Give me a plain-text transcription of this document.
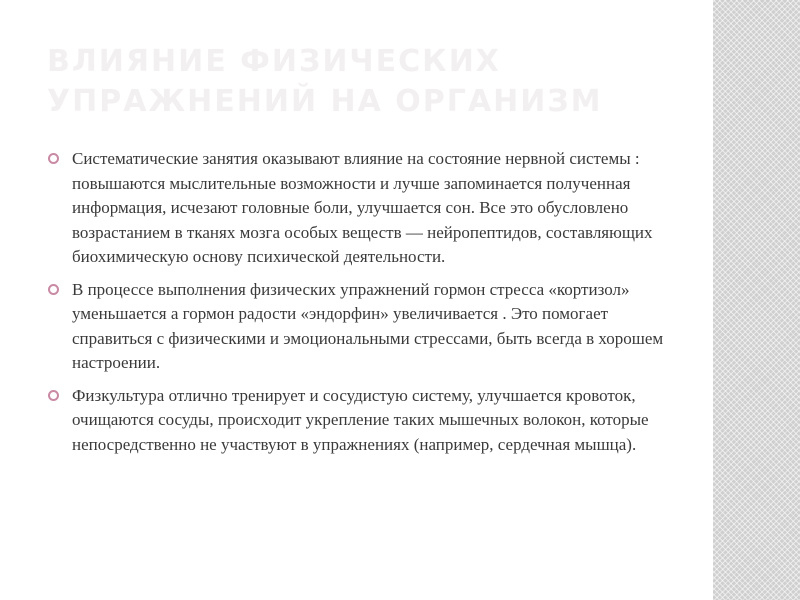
ВЛИЯНИЕ ФИЗИЧЕСКИХ
УПРАЖНЕНИЙ НА ОРГАНИЗМ
Систематические занятия оказывают влияние на состояние нервной системы : повышаются мыслительные возможности и лучше запоминается полученная информация, исчезают головные боли, улучшается сон. Все это обусловлено возрастанием в тканях мозга особых веществ — нейропептидов, составляющих биохимическую основу психической деятельности.
В процессе выполнения физических упражнений гормон стресса «кортизол» уменьшается а гормон радости «эндорфин» увеличивается . Это помогает справиться с физическими и эмоциональными стрессами, быть всегда в хорошем настроении.
Физкультура отлично тренирует и сосудистую систему, улучшается кровоток, очищаются сосуды, происходит укрепление таких мышечных волокон, которые непосредственно не участвуют в упражнениях (например, сердечная мышца).
